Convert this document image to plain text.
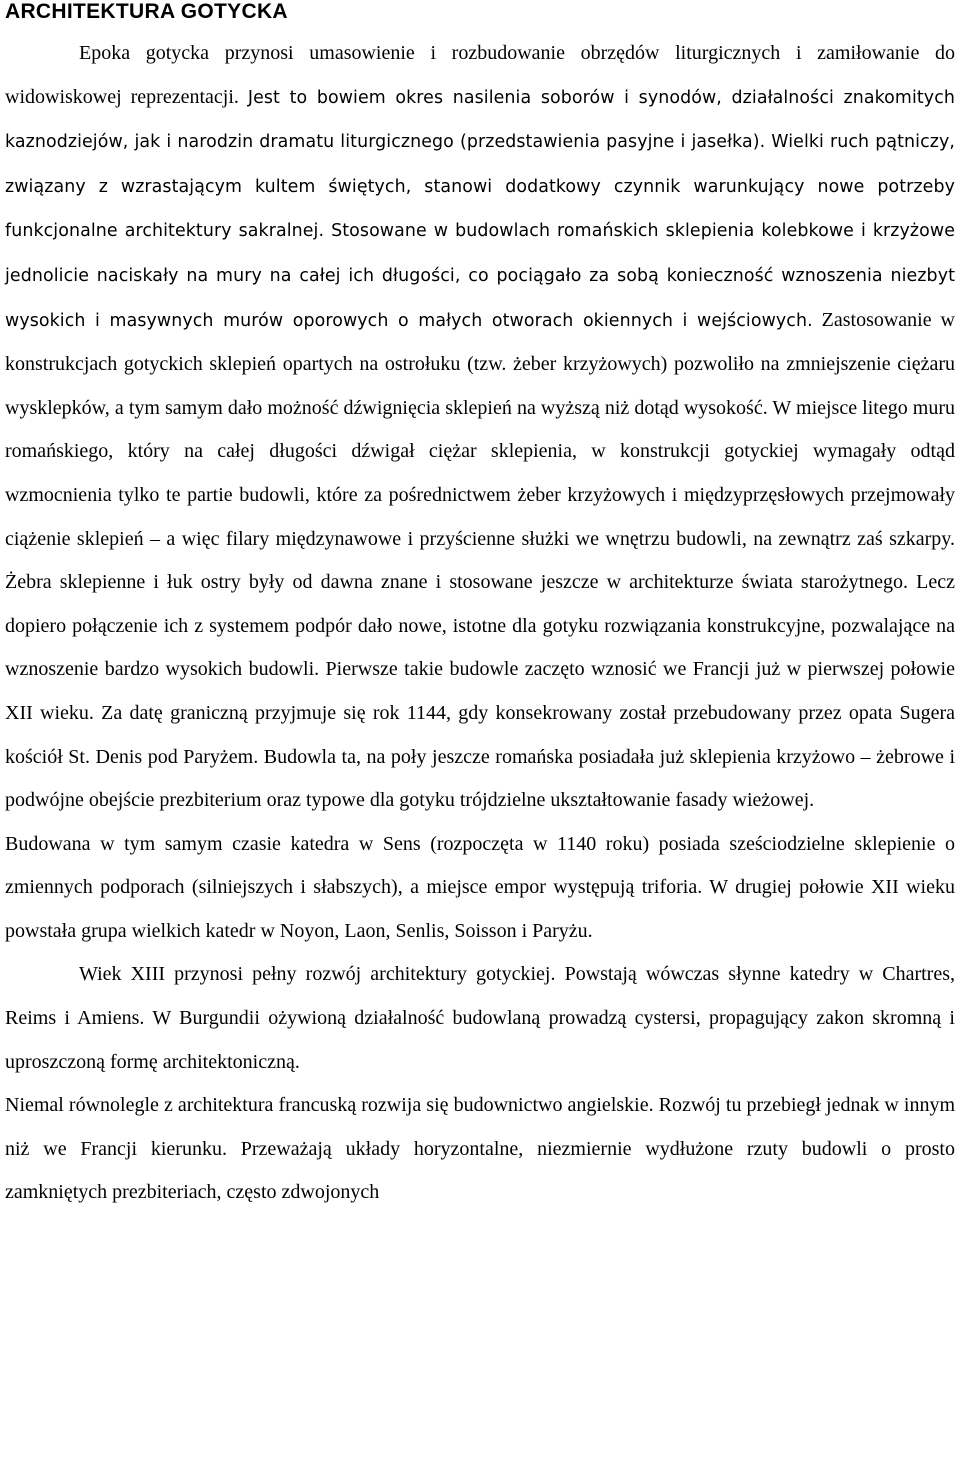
ARCHITEKTURA GOTYCKA

Epoka gotycka przynosi umasowienie i rozbudowanie obrzędów liturgicznych i zamiłowanie do widowiskowej reprezentacji. Jest to bowiem okres nasilenia soborów i synodów, działalności znakomitych kaznodziejów, jak i narodzin dramatu liturgicznego (przedstawienia pasyjne i jasełka). Wielki ruch pątniczy, związany z wzrastającym kultem świętych, stanowi dodatkowy czynnik warunkujący nowe potrzeby funkcjonalne architektury sakralnej. Stosowane w budowlach romańskich sklepienia kolebkowe i krzyżowe jednolicie naciskały na mury na całej ich długości, co pociągało za sobą konieczność wznoszenia niezbyt wysokich i masywnych murów oporowych o małych otworach okiennych i wejściowych. Zastosowanie w konstrukcjach gotyckich sklepień opartych na ostrołuku (tzw. żeber krzyżowych) pozwoliło na zmniejszenie ciężaru wysklepków, a tym samym dało możność dźwignięcia sklepień na wyższą niż dotąd wysokość. W miejsce litego muru romańskiego, który na całej długości dźwigał ciężar sklepienia, w konstrukcji gotyckiej wymagały odtąd wzmocnienia tylko te partie budowli, które za pośrednictwem żeber krzyżowych i międzyprzęsłowych przejmowały ciążenie sklepień – a więc filary międzynawowe i przyścienne służki we wnętrzu budowli, na zewnątrz zaś szkarpy. Żebra sklepienne i łuk ostry były od dawna znane i stosowane jeszcze w architekturze świata starożytnego. Lecz dopiero połączenie ich z systemem podpór dało nowe, istotne dla gotyku rozwiązania konstrukcyjne, pozwalające na wznoszenie bardzo wysokich budowli. Pierwsze takie budowle zaczęto wznosić we Francji już w pierwszej połowie XII wieku. Za datę graniczną przyjmuje się rok 1144, gdy konsekrowany został przebudowany przez opata Sugera kościół St. Denis pod Paryżem. Budowla ta, na poły jeszcze romańska posiadała już sklepienia krzyżowo – żebrowe i podwójne obejście prezbiterium oraz typowe dla gotyku trójdzielne ukształtowanie fasady wieżowej.

Budowana w tym samym czasie katedra w Sens (rozpoczęta w 1140 roku) posiada sześciodzielne sklepienie o zmiennych podporach (silniejszych i słabszych), a miejsce empor występują triforia. W drugiej połowie XII wieku powstała grupa wielkich katedr w Noyon, Laon, Senlis, Soisson i Paryżu.

Wiek XIII przynosi pełny rozwój architektury gotyckiej. Powstają wówczas słynne katedry w Chartres, Reims i Amiens. W Burgundii ożywioną działalność budowlaną prowadzą cystersi, propagujący zakon skromną i uproszczoną formę architektoniczną.

Niemal równolegle z architektura francuską rozwija się budownictwo angielskie. Rozwój tu przebiegł jednak w innym niż we Francji kierunku. Przeważają układy horyzontalne, niezmiernie wydłużone rzuty budowli o prosto zamkniętych prezbiteriach, często zdwojonych
